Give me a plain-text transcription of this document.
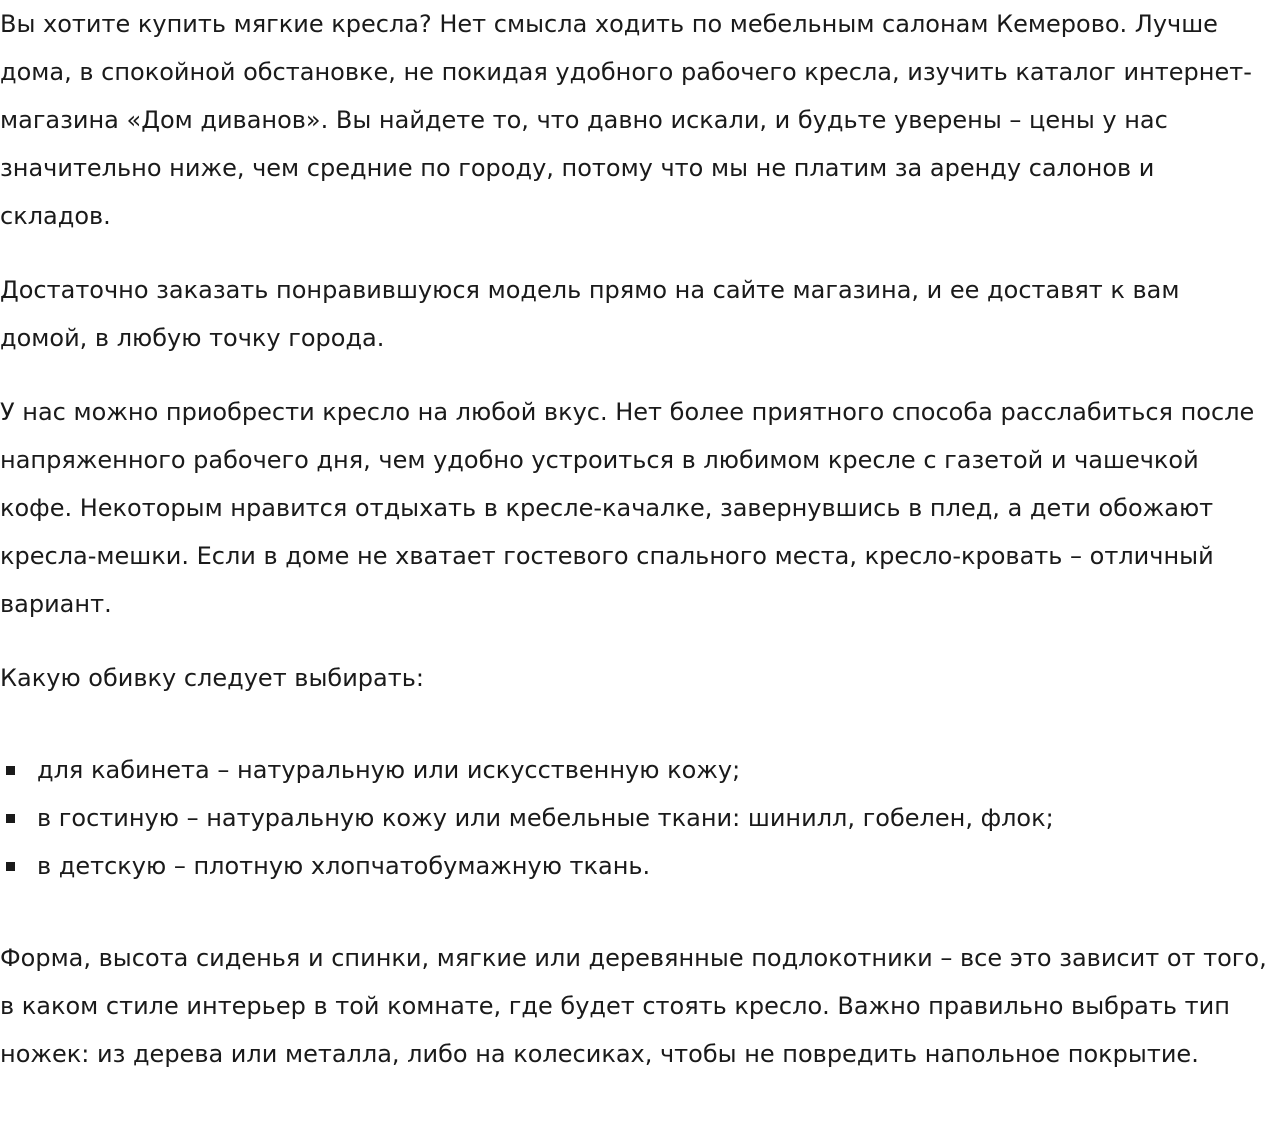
Вы хотите купить мягкие кресла? Нет смысла ходить по мебельным салонам Кемерово. Лучше дома, в спокойной обстановке, не покидая удобного рабочего кресла, изучить каталог интернет-магазина «Дом диванов». Вы найдете то, что давно искали, и будьте уверены – цены у нас значительно ниже, чем средние по городу, потому что мы не платим за аренду салонов и складов.

Достаточно заказать понравившуюся модель прямо на сайте магазина, и ее доставят к вам домой, в любую точку города.

У нас можно приобрести кресло на любой вкус. Нет более приятного способа расслабиться после напряженного рабочего дня, чем удобно устроиться в любимом кресле с газетой и чашечкой кофе. Некоторым нравится отдыхать в кресле-качалке, завернувшись в плед, а дети обожают кресла-мешки. Если в доме не хватает гостевого спального места, кресло-кровать – отличный вариант.

Какую обивку следует выбирать:

для кабинета – натуральную или искусственную кожу;
в гостиную – натуральную кожу или мебельные ткани: шинилл, гобелен, флок;
в детскую – плотную хлопчатобумажную ткань.

Форма, высота сиденья и спинки, мягкие или деревянные подлокотники – все это зависит от того, в каком стиле интерьер в той комнате, где будет стоять кресло. Важно правильно выбрать тип ножек: из дерева или металла, либо на колесиках, чтобы не повредить напольное покрытие.
